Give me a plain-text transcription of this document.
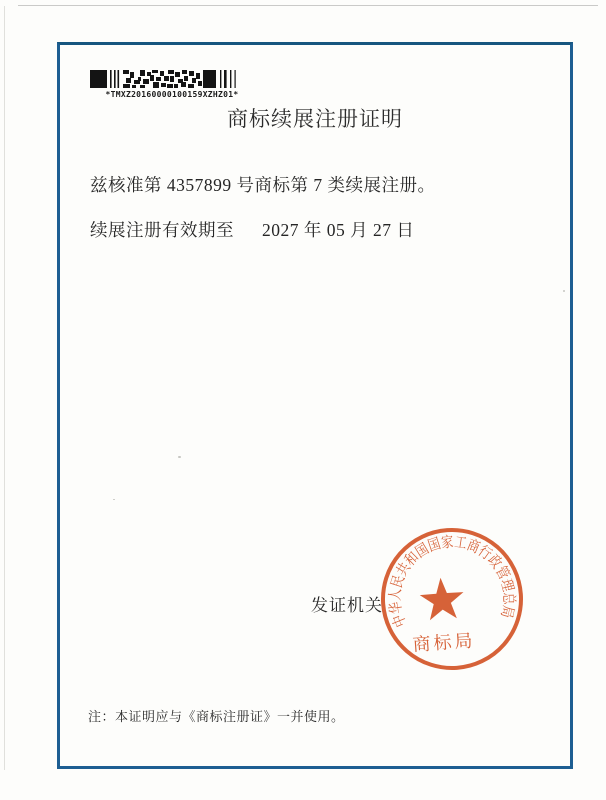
*TMXZ20160000100159XZHZ01*
商标续展注册证明
兹核准第 4357899 号商标第 7 类续展注册。
续展注册有效期至 2027 年 05 月 27 日
发证机关
中华人民共和国国家工商行政管理总局
商标局
注：本证明应与《商标注册证》一并使用。
